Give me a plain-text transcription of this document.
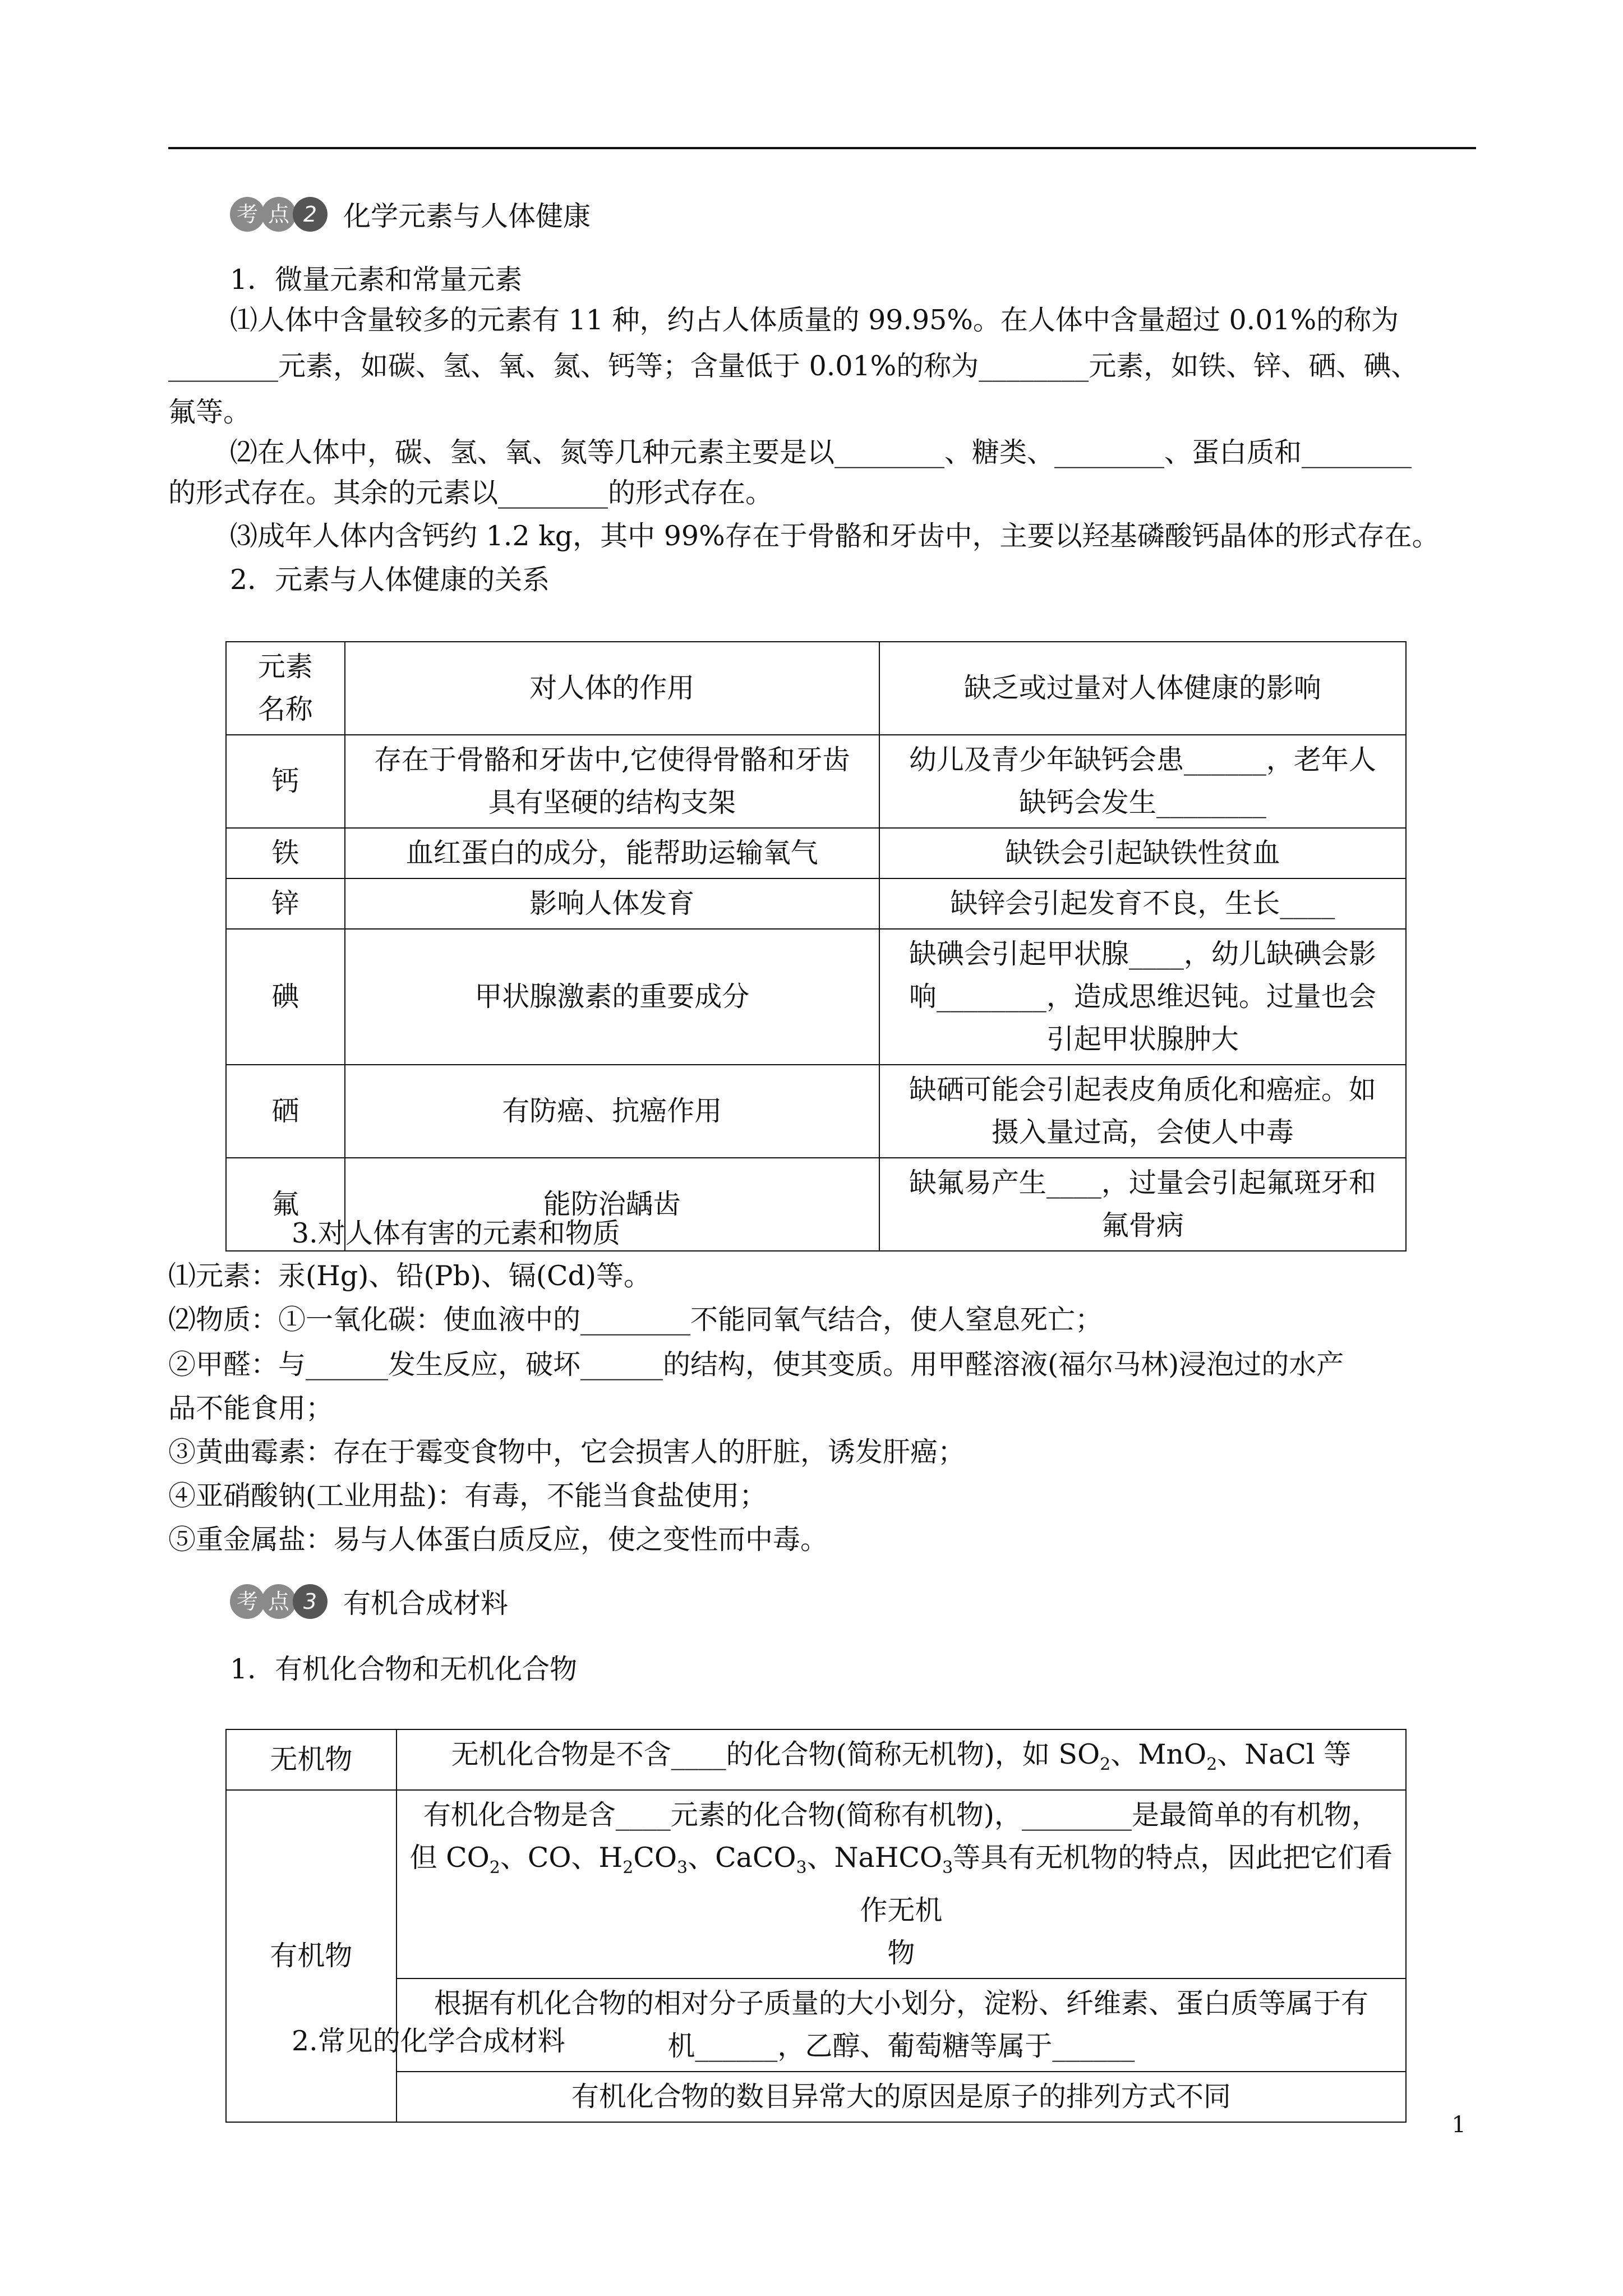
考 点 2 化学元素与人体健康
1．微量元素和常量元素
⑴人体中含量较多的元素有 11 种，约占人体质量的 99.95%。在人体中含量超过 0.01%的称为
________元素，如碳、氢、氧、氮、钙等；含量低于 0.01%的称为________元素，如铁、锌、硒、碘、
氟等。
⑵在人体中，碳、氢、氧、氮等几种元素主要是以________、糖类、________、蛋白质和________
的形式存在。其余的元素以________的形式存在。
⑶成年人体内含钙约 1.2 kg，其中 99%存在于骨骼和牙齿中，主要以羟基磷酸钙晶体的形式存在。
2．元素与人体健康的关系
元素
名称	对人体的作用	缺乏或过量对人体健康的影响
钙	存在于骨骼和牙齿中,它使得骨骼和牙齿
具有坚硬的结构支架	幼儿及青少年缺钙会患______，老年人
缺钙会发生________
铁	血红蛋白的成分，能帮助运输氧气	缺铁会引起缺铁性贫血
锌	影响人体发育	缺锌会引起发育不良，生长____
碘	甲状腺激素的重要成分	缺碘会引起甲状腺____，幼儿缺碘会影
响________，造成思维迟钝。过量也会
引起甲状腺肿大
硒	有防癌、抗癌作用	缺硒可能会引起表皮角质化和癌症。如
摄入量过高，会使人中毒
氟	能防治龋齿	缺氟易产生____，过量会引起氟斑牙和
氟骨病
3.对人体有害的元素和物质
⑴元素：汞(Hg)、铅(Pb)、镉(Cd)等。
⑵物质：①一氧化碳：使血液中的________不能同氧气结合，使人窒息死亡；
②甲醛：与______发生反应，破坏______的结构，使其变质。用甲醛溶液(福尔马林)浸泡过的水产
品不能食用；
③黄曲霉素：存在于霉变食物中，它会损害人的肝脏，诱发肝癌；
④亚硝酸钠(工业用盐)：有毒，不能当食盐使用；
⑤重金属盐：易与人体蛋白质反应，使之变性而中毒。
考 点 3 有机合成材料
1．有机化合物和无机化合物
无机物	无机化合物是不含____的化合物(简称无机物)，如 $SO_2$、MnO$_2$、NaCl 等
有机物	有机化合物是含____元素的化合物(简称有机物)，________是最简单的有机物，
但 $CO_2$、CO、$H_2CO_3$、CaCO$_3$、NaHCO$_3$等具有无机物的特点，因此把它们看作无机
物
	根据有机化合物的相对分子质量的大小划分，淀粉、纤维素、蛋白质等属于有
机______，乙醇、葡萄糖等属于______
	有机化合物的数目异常大的原因是原子的排列方式不同
2.常见的化学合成材料
1
